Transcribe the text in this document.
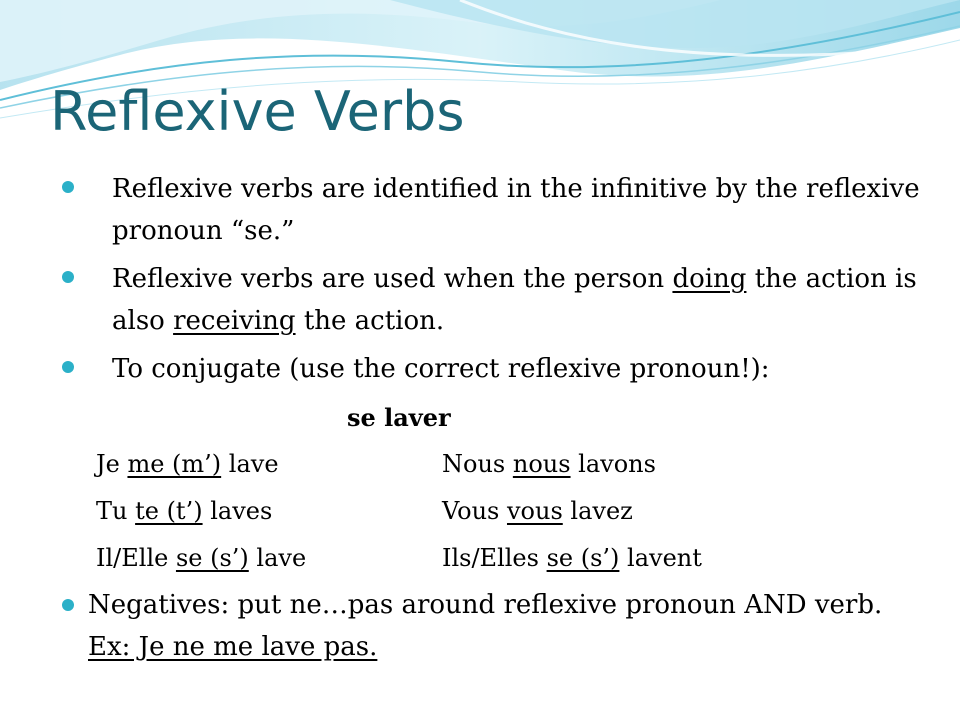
Reflexive Verbs
Reflexive verbs are identified in the infinitive by the reflexive pronoun “se.”
Reflexive verbs are used when the person doing the action is also receiving the action.
To conjugate (use the correct reflexive pronoun!):
se laver
Je me (m’) lave	Nous nous lavons
Tu te (t’) laves	Vous vous lavez
Il/Elle se (s’) lave	Ils/Elles se (s’) lavent
Negatives: put ne…pas around reflexive pronoun AND verb. Ex: Je ne me lave pas.
